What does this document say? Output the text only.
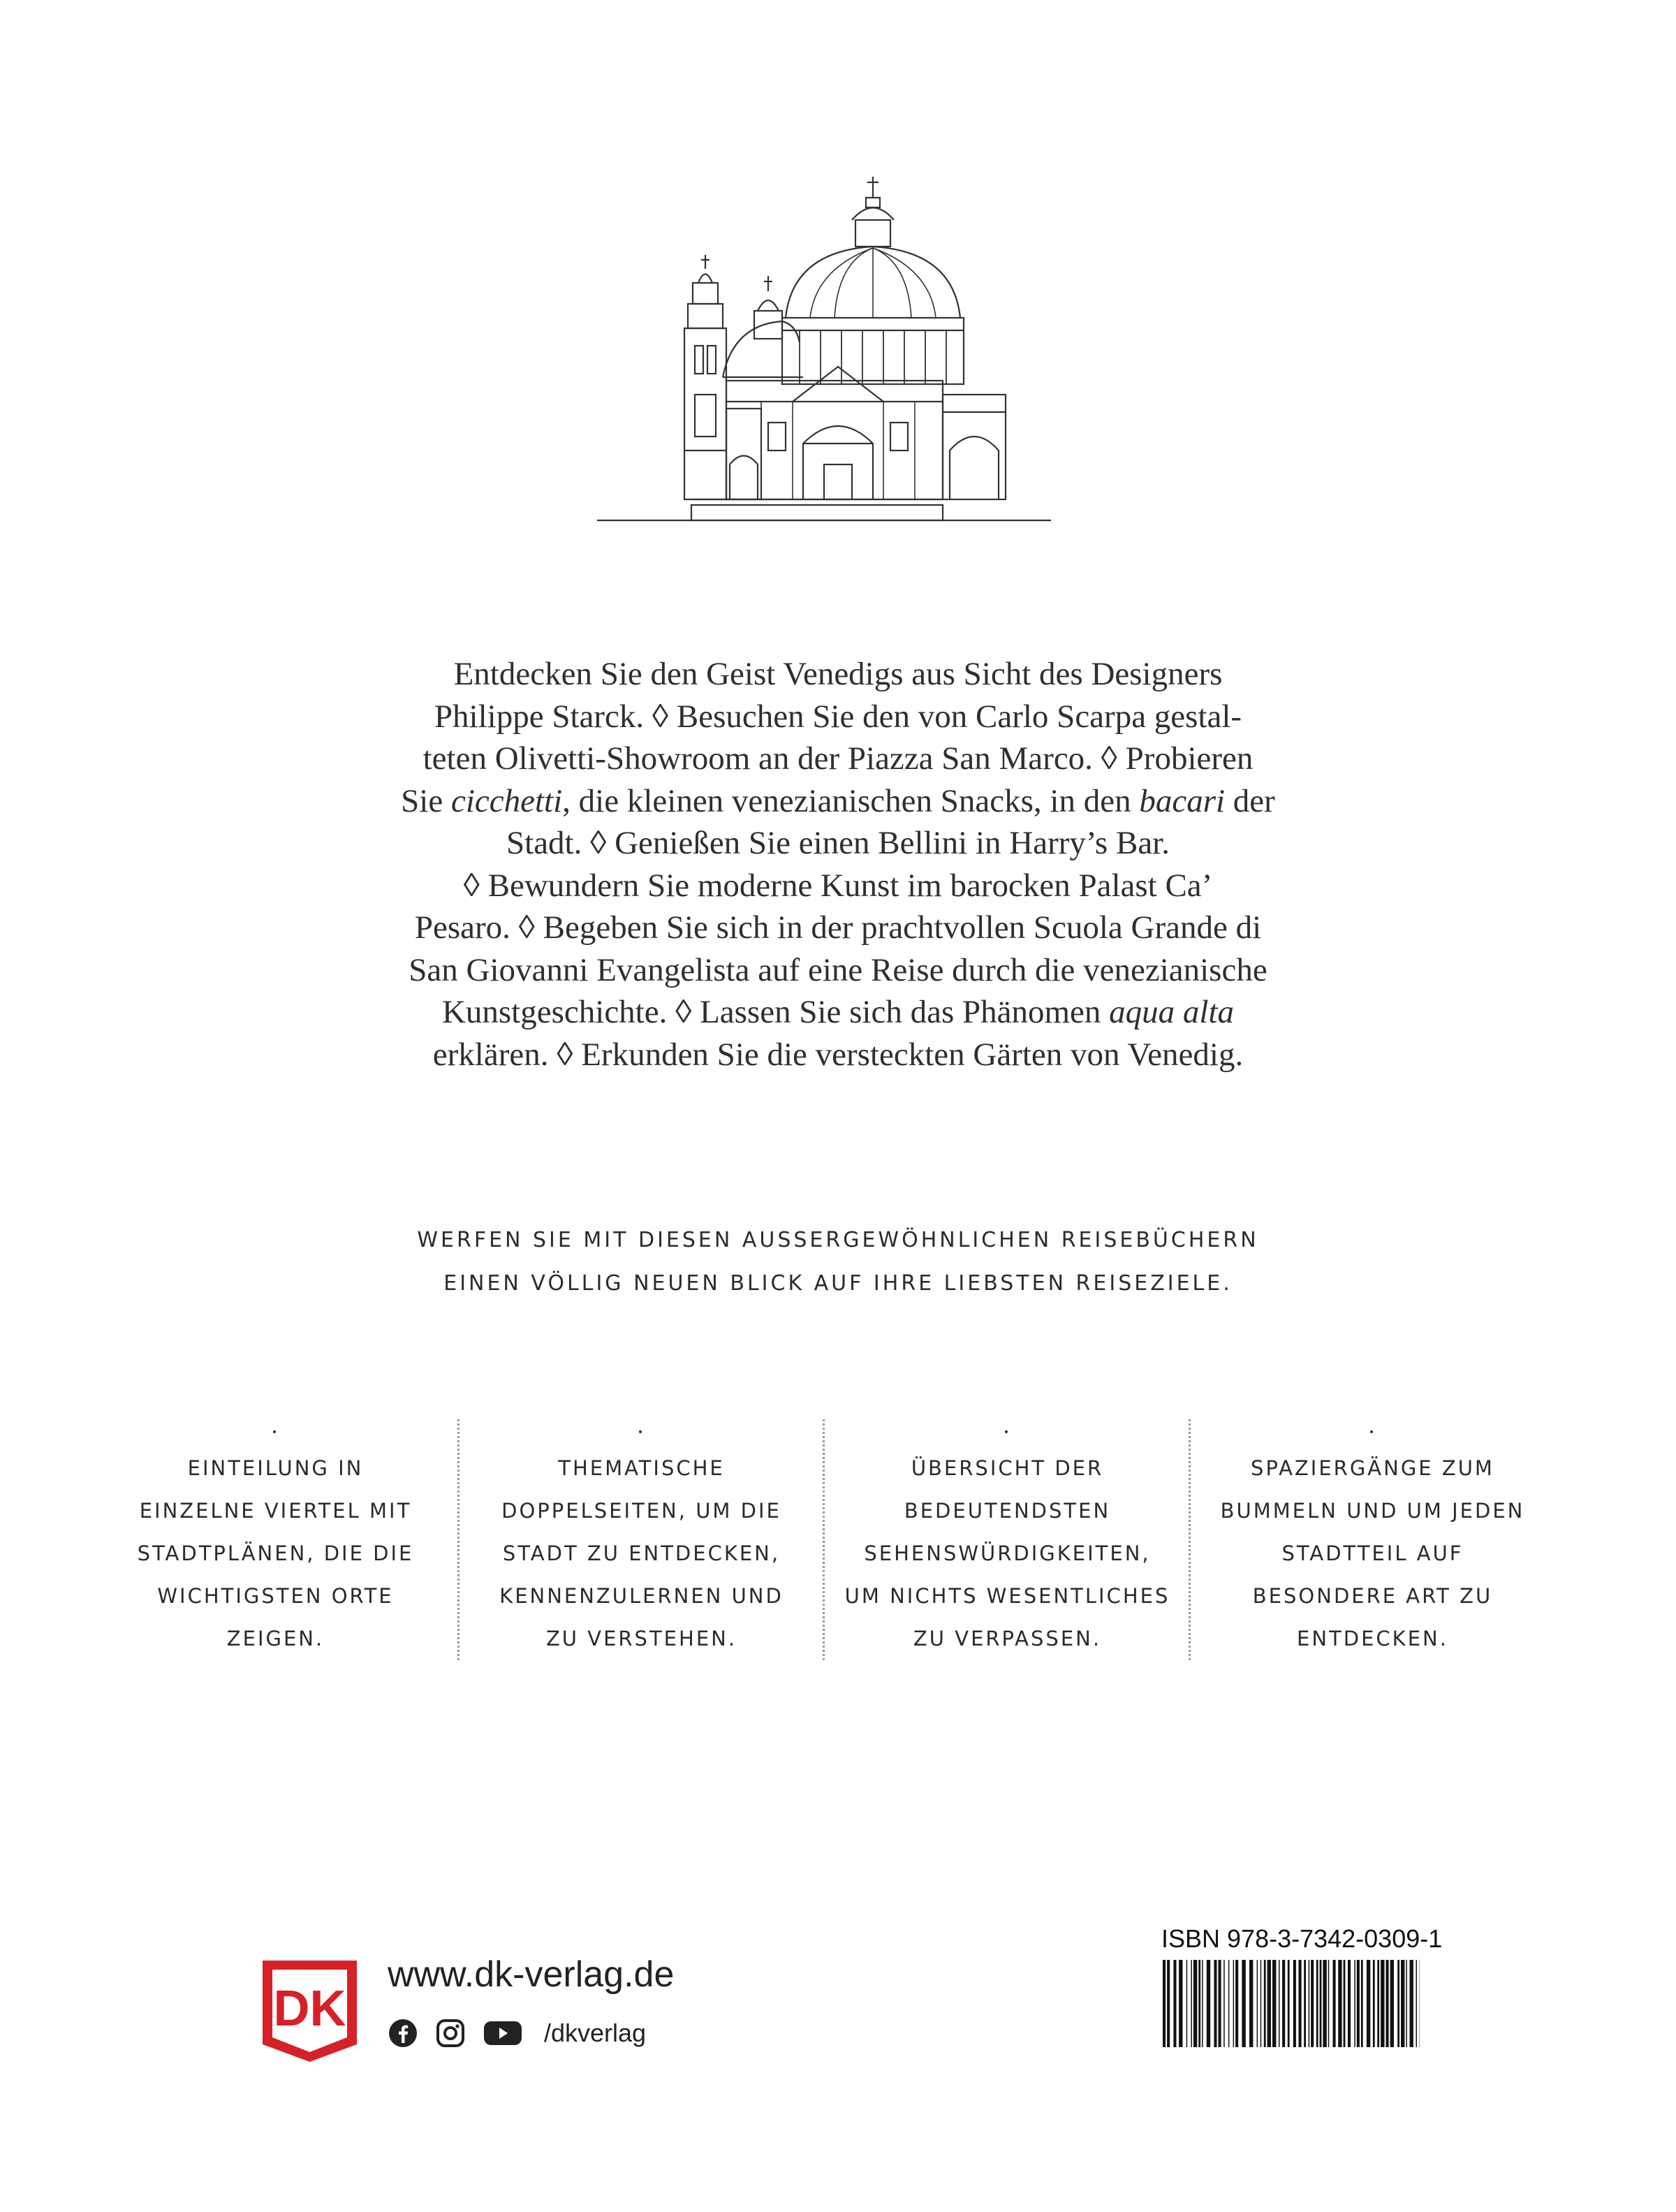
Entdecken Sie den Geist Venedigs aus Sicht des Designers
Philippe Starck. ◊ Besuchen Sie den von Carlo Scarpa gestal-
teten Olivetti-Showroom an der Piazza San Marco. ◊ Probieren
Sie cicchetti, die kleinen venezianischen Snacks, in den bacari der
Stadt. ◊ Genießen Sie einen Bellini in Harry’s Bar.
◊ Bewundern Sie moderne Kunst im barocken Palast Ca’
Pesaro. ◊ Begeben Sie sich in der prachtvollen Scuola Grande di
San Giovanni Evangelista auf eine Reise durch die venezianische
Kunstgeschichte. ◊ Lassen Sie sich das Phänomen aqua alta
erklären. ◊ Erkunden Sie die versteckten Gärten von Venedig.
WERFEN SIE MIT DIESEN AUSSERGEWÖHNLICHEN REISEBÜCHERN
EINEN VÖLLIG NEUEN BLICK AUF IHRE LIEBSTEN REISEZIELE.
•
EINTEILUNG IN
EINZELNE VIERTEL MIT
STADTPLÄNEN, DIE DIE
WICHTIGSTEN ORTE
ZEIGEN.
•
THEMATISCHE
DOPPELSEITEN, UM DIE
STADT ZU ENTDECKEN,
KENNENZULERNEN UND
ZU VERSTEHEN.
•
ÜBERSICHT DER
BEDEUTENDSTEN
SEHENSWÜRDIGKEITEN,
UM NICHTS WESENTLICHES
ZU VERPASSEN.
•
SPAZIERGÄNGE ZUM
BUMMELN UND UM JEDEN
STADTTEIL AUF
BESONDERE ART ZU
ENTDECKEN.
DK
www.dk-verlag.de
/dkverlag
ISBN 978-3-7342-0309-1
